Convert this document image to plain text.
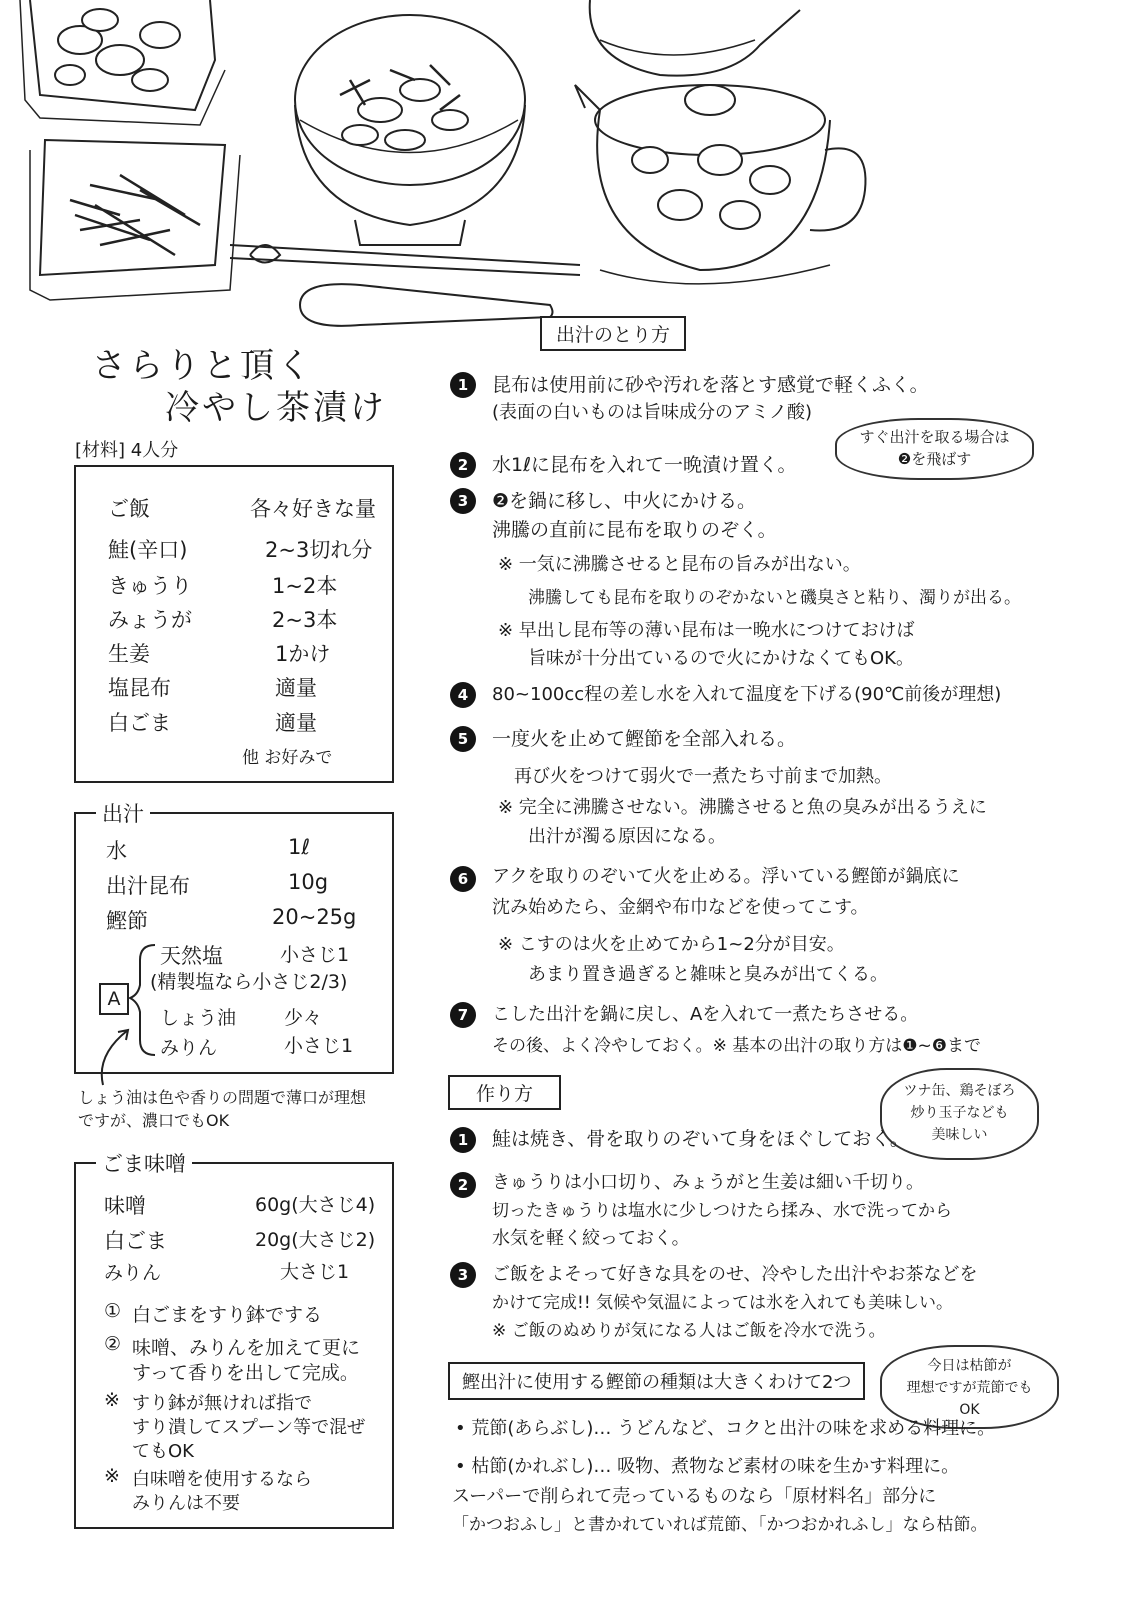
さらりと頂く
冷やし茶漬け
[材料] 4人分
ご飯	各々好きな量
鮭(辛口)	2~3切れ分
きゅうり	1~2本
みょうが	2~3本
生姜	1かけ
塩昆布	適量
白ごま	適量
他 お好みで
出汁
水	1ℓ
出汁昆布	10g
鰹節	20~25g
A
天然塩	小さじ1
(精製塩なら小さじ2/3)
しょう油	少々
みりん	小さじ1
しょう油は色や香りの問題で薄口が理想
ですが、濃口でもOK
ごま味噌
味噌	60g(大さじ4)
白ごま	20g(大さじ2)
みりん	大さじ1
① 白ごまをすり鉢でする
② 味噌、みりんを加えて更に
すって香りを出して完成。
※ すり鉢が無ければ指で
すり潰してスプーン等で混ぜ
てもOK
※ 白味噌を使用するなら
みりんは不要
出汁のとり方
1	昆布は使用前に砂や汚れを落とす感覚で軽くふく。
(表面の白いものは旨味成分のアミノ酸)
すぐ出汁を取る場合は
❷を飛ばす
2	水1ℓに昆布を入れて一晩漬け置く。
3	❷を鍋に移し、中火にかける。
沸騰の直前に昆布を取りのぞく。
※ 一気に沸騰させると昆布の旨みが出ない。
沸騰しても昆布を取りのぞかないと磯臭さと粘り、濁りが出る。
※ 早出し昆布等の薄い昆布は一晩水につけておけば
旨味が十分出ているので火にかけなくてもOK。
4	80~100cc程の差し水を入れて温度を下げる(90℃前後が理想)
5	一度火を止めて鰹節を全部入れる。
再び火をつけて弱火で一煮たち寸前まで加熱。
※ 完全に沸騰させない。沸騰させると魚の臭みが出るうえに
出汁が濁る原因になる。
6	アクを取りのぞいて火を止める。浮いている鰹節が鍋底に
沈み始めたら、金網や布巾などを使ってこす。
※ こすのは火を止めてから1~2分が目安。
あまり置き過ぎると雑味と臭みが出てくる。
7	こした出汁を鍋に戻し、Aを入れて一煮たちさせる。
その後、よく冷やしておく。※ 基本の出汁の取り方は❶~❻まで
作り方	ツナ缶、鶏そぼろ
炒り玉子なども
美味しい
1	鮭は焼き、骨を取りのぞいて身をほぐしておく。
2	きゅうりは小口切り、みょうがと生姜は細い千切り。
切ったきゅうりは塩水に少しつけたら揉み、水で洗ってから
水気を軽く絞っておく。
3	ご飯をよそって好きな具をのせ、冷やした出汁やお茶などを
かけて完成!! 気候や気温によっては氷を入れても美味しい。
※ ご飯のぬめりが気になる人はご飯を冷水で洗う。
鰹出汁に使用する鰹節の種類は大きくわけて2つ
今日は枯節が
理想ですが荒節でも
OK
• 荒節(あらぶし)… うどんなど、コクと出汁の味を求める料理に。
• 枯節(かれぶし)… 吸物、煮物など素材の味を生かす料理に。
スーパーで削られて売っているものなら「原材料名」部分に
「かつおふし」と書かれていれば荒節、「かつおかれふし」なら枯節。
